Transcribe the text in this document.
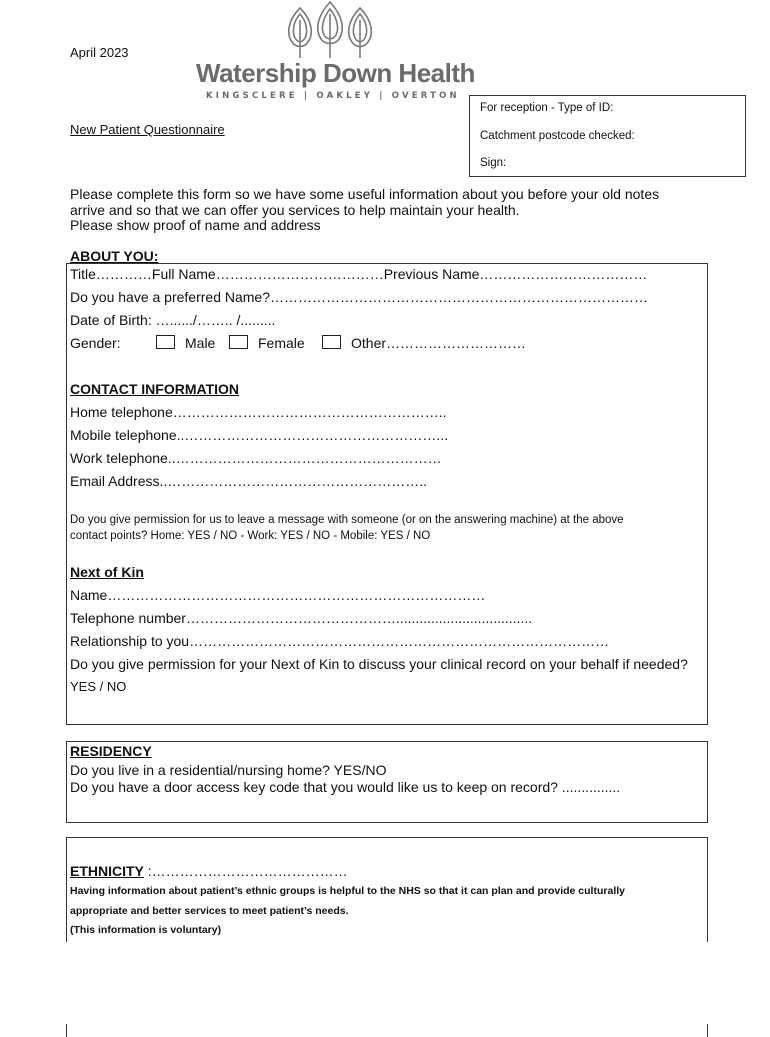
April 2023
Watership Down Health
KINGSCLERE | OAKLEY | OVERTON
New Patient Questionnaire
For reception - Type of ID:
Catchment postcode checked:
Sign:
Please complete this form so we have some useful information about you before your old notes
arrive and so that we can offer you services to help maintain your health.
Please show proof of name and address
ABOUT YOU:
Title…………Full Name………………………………Previous Name………………………………
Do you have a preferred Name?………………………………………………………………………
Date of Birth: …....../…….. /.........
Gender:	Male	Female	Other…………………………
CONTACT INFORMATION
Home telephone…………………………………………………..
Mobile telephone..………………………………………………...
Work telephone..…………………………………………………
Email Address..………………………………………………..
Do you give permission for us to leave a message with someone (or on the answering machine) at the above
contact points? Home: YES / NO - Work: YES / NO - Mobile: YES / NO
Next of Kin
Name………………………………………………………………………
Telephone number………………………………………...................................
Relationship to you………………………………………………………………………………
Do you give permission for your Next of Kin to discuss your clinical record on your behalf if needed?
YES / NO
RESIDENCY
Do you live in a residential/nursing home? YES/NO
Do you have a door access key code that you would like us to keep on record? ...............
ETHNICITY :……………………………………
Having information about patient’s ethnic groups is helpful to the NHS so that it can plan and provide culturally
appropriate and better services to meet patient’s needs.
(This information is voluntary)
